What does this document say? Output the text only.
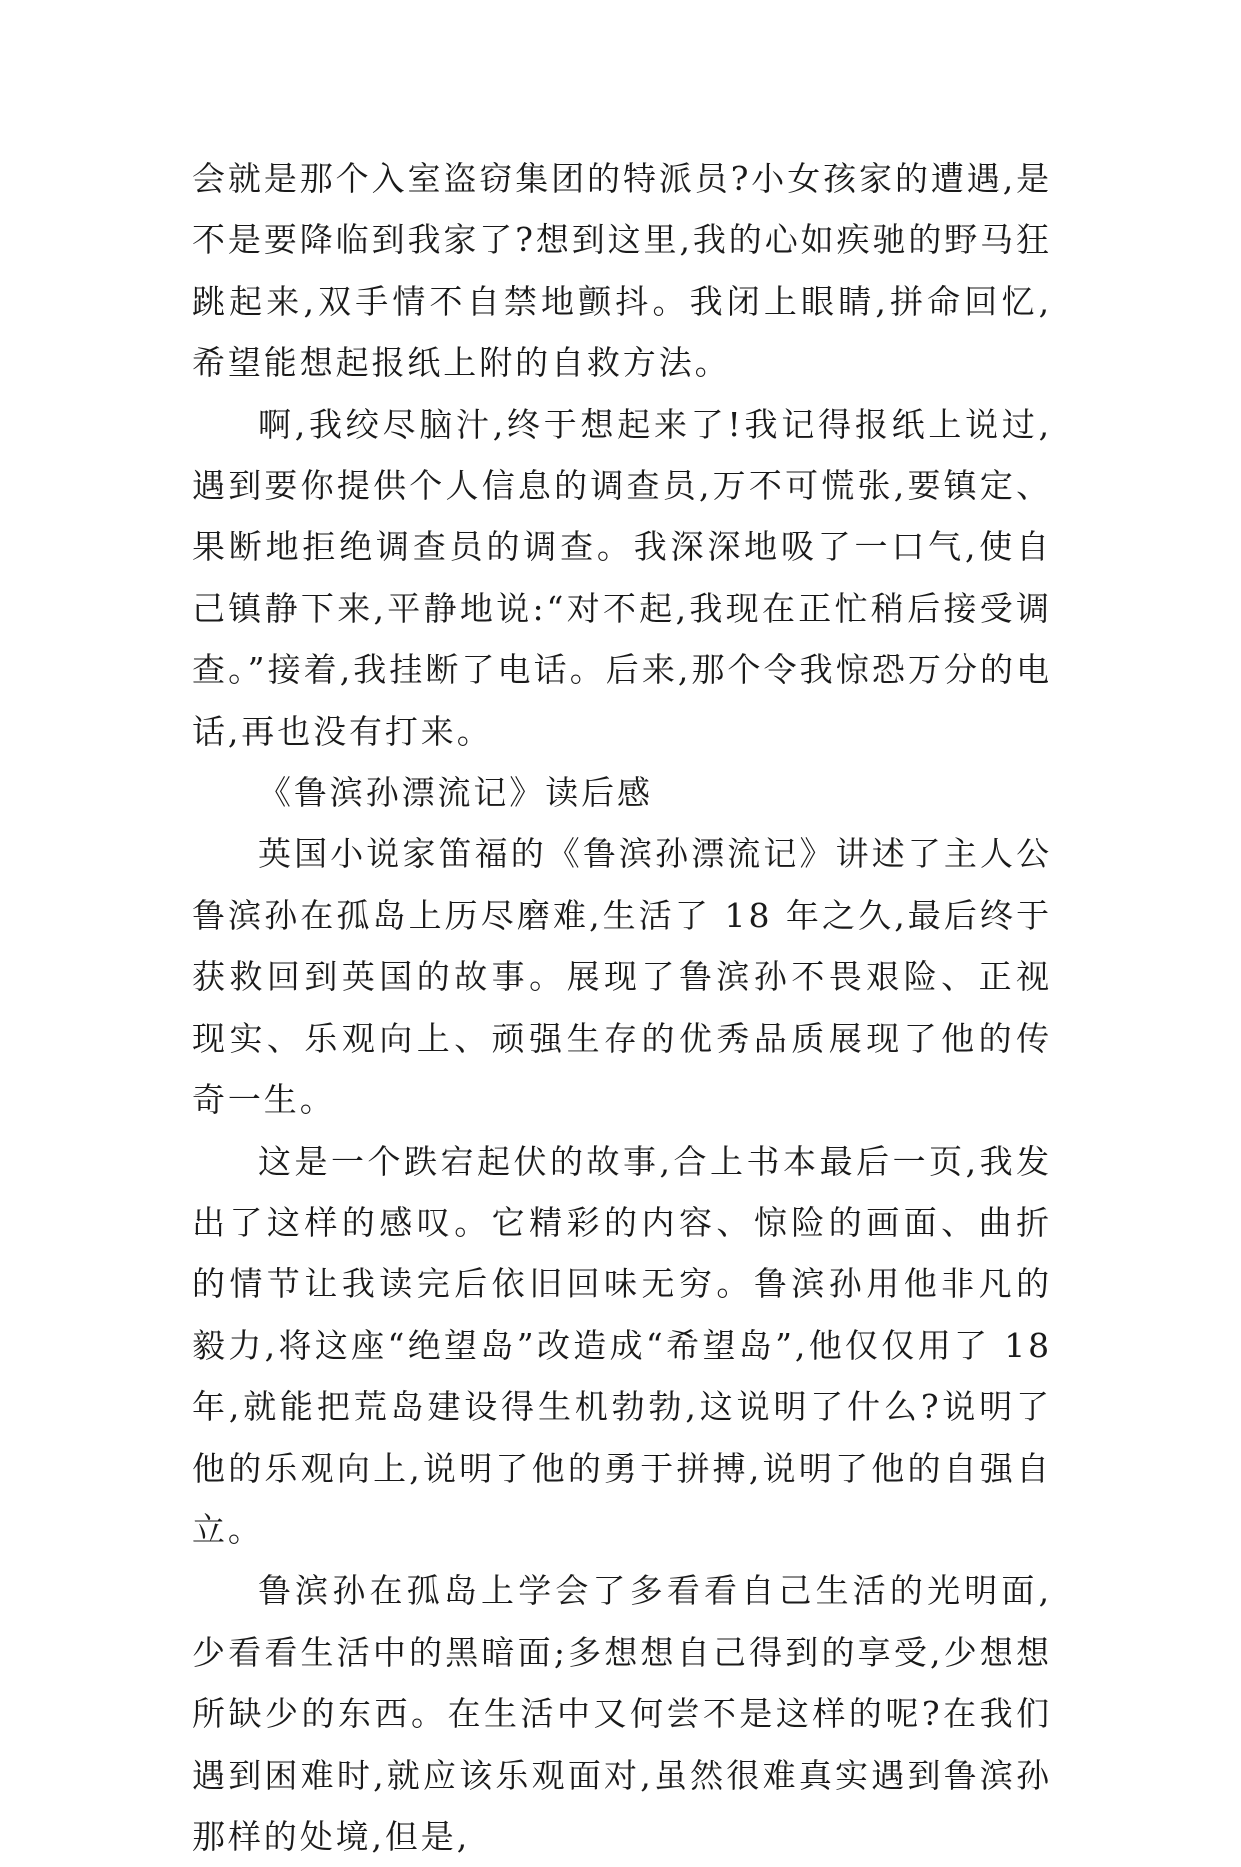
会就是那个入室盗窃集团的特派员?小女孩家的遭遇,是不是要降临到我家了?想到这里,我的心如疾驰的野马狂跳起来,双手情不自禁地颤抖。我闭上眼睛,拼命回忆,希望能想起报纸上附的自救方法。

啊,我绞尽脑汁,终于想起来了!我记得报纸上说过,遇到要你提供个人信息的调查员,万不可慌张,要镇定、果断地拒绝调查员的调查。我深深地吸了一口气,使自己镇静下来,平静地说:“对不起,我现在正忙稍后接受调查。”接着,我挂断了电话。后来,那个令我惊恐万分的电话,再也没有打来。

《鲁滨孙漂流记》读后感

英国小说家笛福的《鲁滨孙漂流记》讲述了主人公鲁滨孙在孤岛上历尽磨难,生活了 18 年之久,最后终于获救回到英国的故事。展现了鲁滨孙不畏艰险、正视现实、乐观向上、顽强生存的优秀品质展现了他的传奇一生。

这是一个跌宕起伏的故事,合上书本最后一页,我发出了这样的感叹。它精彩的内容、惊险的画面、曲折的情节让我读完后依旧回味无穷。鲁滨孙用他非凡的毅力,将这座“绝望岛”改造成“希望岛”,他仅仅用了 18 年,就能把荒岛建设得生机勃勃,这说明了什么?说明了他的乐观向上,说明了他的勇于拼搏,说明了他的自强自立。

鲁滨孙在孤岛上学会了多看看自己生活的光明面,少看看生活中的黑暗面;多想想自己得到的享受,少想想所缺少的东西。在生活中又何尝不是这样的呢?在我们遇到困难时,就应该乐观面对,虽然很难真实遇到鲁滨孙那样的处境,但是,
